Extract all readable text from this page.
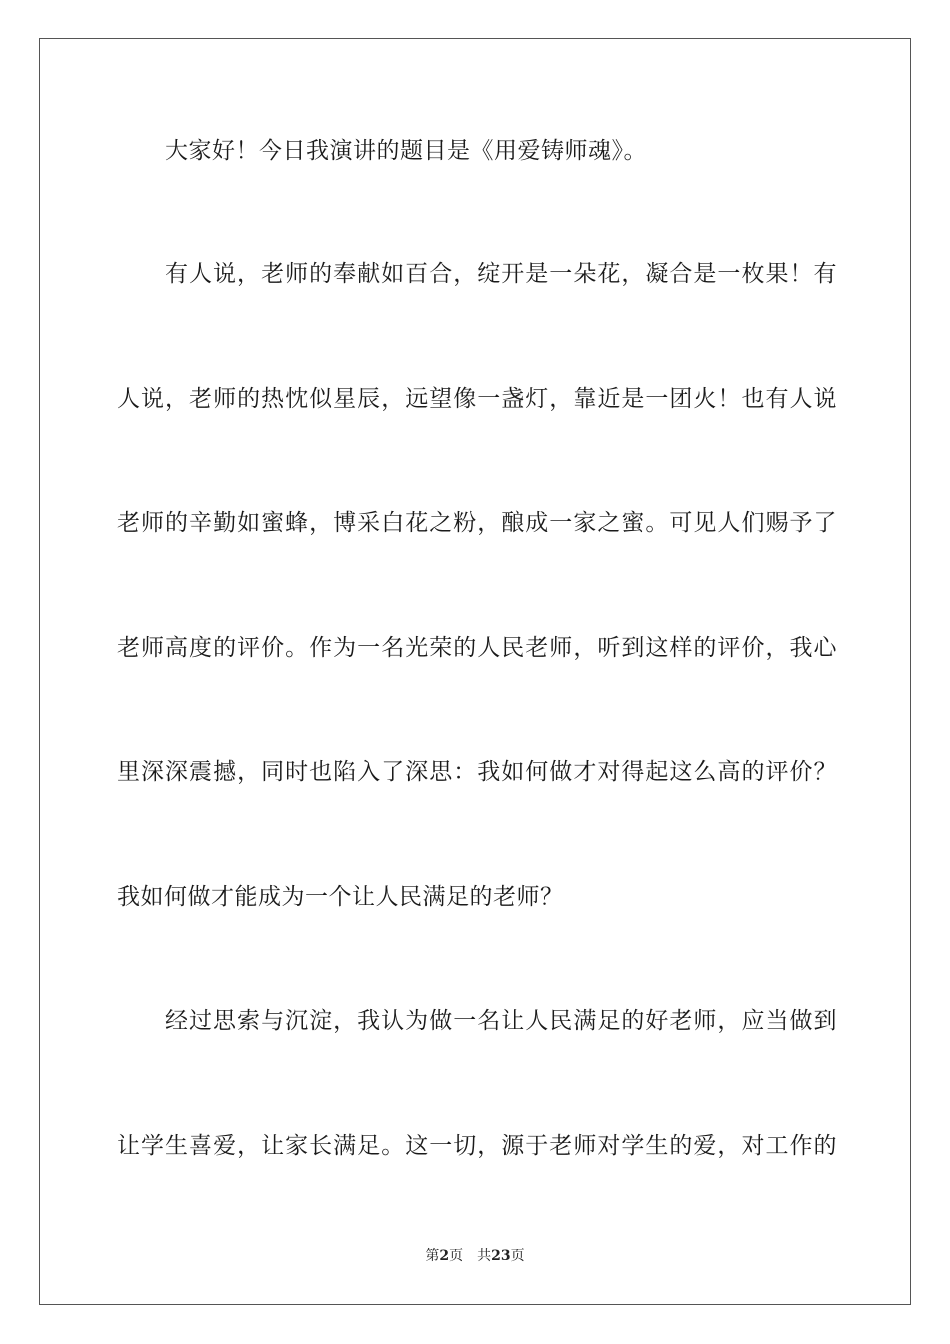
大家好！今日我演讲的题目是《用爱铸师魂》。
有人说，老师的奉献如百合，绽开是一朵花，凝合是一枚果！有
人说，老师的热忱似星辰，远望像一盏灯，靠近是一团火！也有人说
老师的辛勤如蜜蜂，博采白花之粉，酿成一家之蜜。可见人们赐予了
老师高度的评价。作为一名光荣的人民老师，听到这样的评价，我心
里深深震撼，同时也陷入了深思：我如何做才对得起这么高的评价？
我如何做才能成为一个让人民满足的老师？
经过思索与沉淀，我认为做一名让人民满足的好老师，应当做到
让学生喜爱，让家长满足。这一切，源于老师对学生的爱，对工作的
第2页 共23页
